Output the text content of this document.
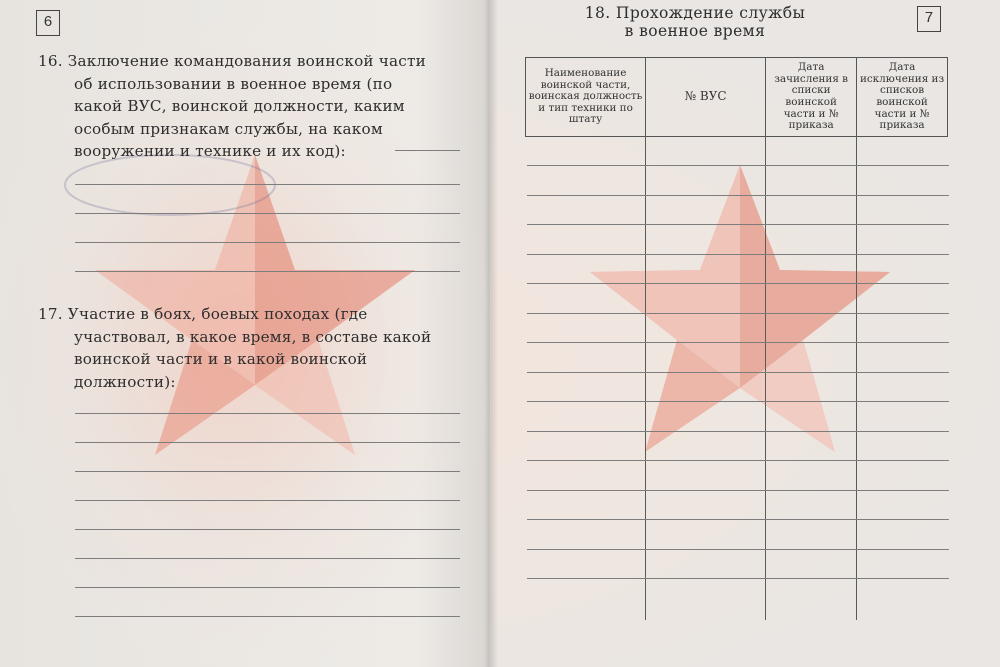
6
16. Заключение командования воинской части
об использовании в военное время (по
какой ВУС, воинской должности, каким
особым признакам службы, на каком
вооружении и технике и их код):
17. Участие в боях, боевых походах (где
участвовал, в какое время, в составе какой
воинской части и в какой воинской
должности):
7
18. Прохождение службы
в военное время
Наименование воинской части, воинская должность и тип техники по штату	№ ВУС	Дата зачисления в списки воинской части и № приказа	Дата исключения из списков воинской части и № приказа
